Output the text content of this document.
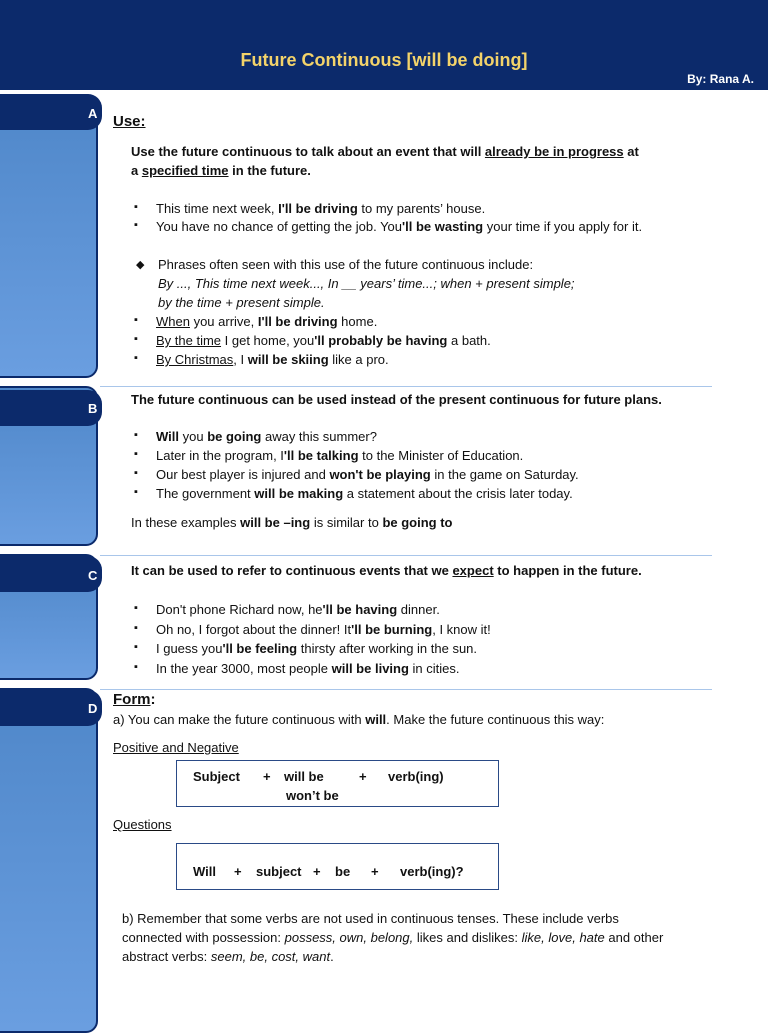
Future Continuous [will be doing]
By: Rana A.
A
B
C
D
Use:
Use the future continuous to talk about an event that will already be in progress at
a specified time in the future.
▪ This time next week, I'll be driving to my parents’ house.
▪ You have no chance of getting the job. You'll be wasting your time if you apply for it.
◆ Phrases often seen with this use of the future continuous include:
By ..., This time next week..., In __ years’ time...; when + present simple;
by the time + present simple.
▪ When you arrive, I'll be driving home.
▪ By the time I get home, you'll probably be having a bath.
▪ By Christmas, I will be skiing like a pro.
The future continuous can be used instead of the present continuous for future plans.
▪ Will you be going away this summer?
▪ Later in the program, I'll be talking to the Minister of Education.
▪ Our best player is injured and won't be playing in the game on Saturday.
▪ The government will be making a statement about the crisis later today.
In these examples will be –ing is similar to be going to
It can be used to refer to continuous events that we expect to happen in the future.
▪ Don't phone Richard now, he'll be having dinner.
▪ Oh no, I forgot about the dinner! It'll be burning, I know it!
▪ I guess you'll be feeling thirsty after working in the sun.
▪ In the year 3000, most people will be living in cities.
Form:
a) You can make the future continuous with will. Make the future continuous this way:
Positive and Negative
Subject + will be
won’t be
+ verb(ing)
Questions
Will + subject + be + verb(ing)?
b) Remember that some verbs are not used in continuous tenses. These include verbs
connected with possession: possess, own, belong, likes and dislikes: like, love, hate and other
abstract verbs: seem, be, cost, want.
